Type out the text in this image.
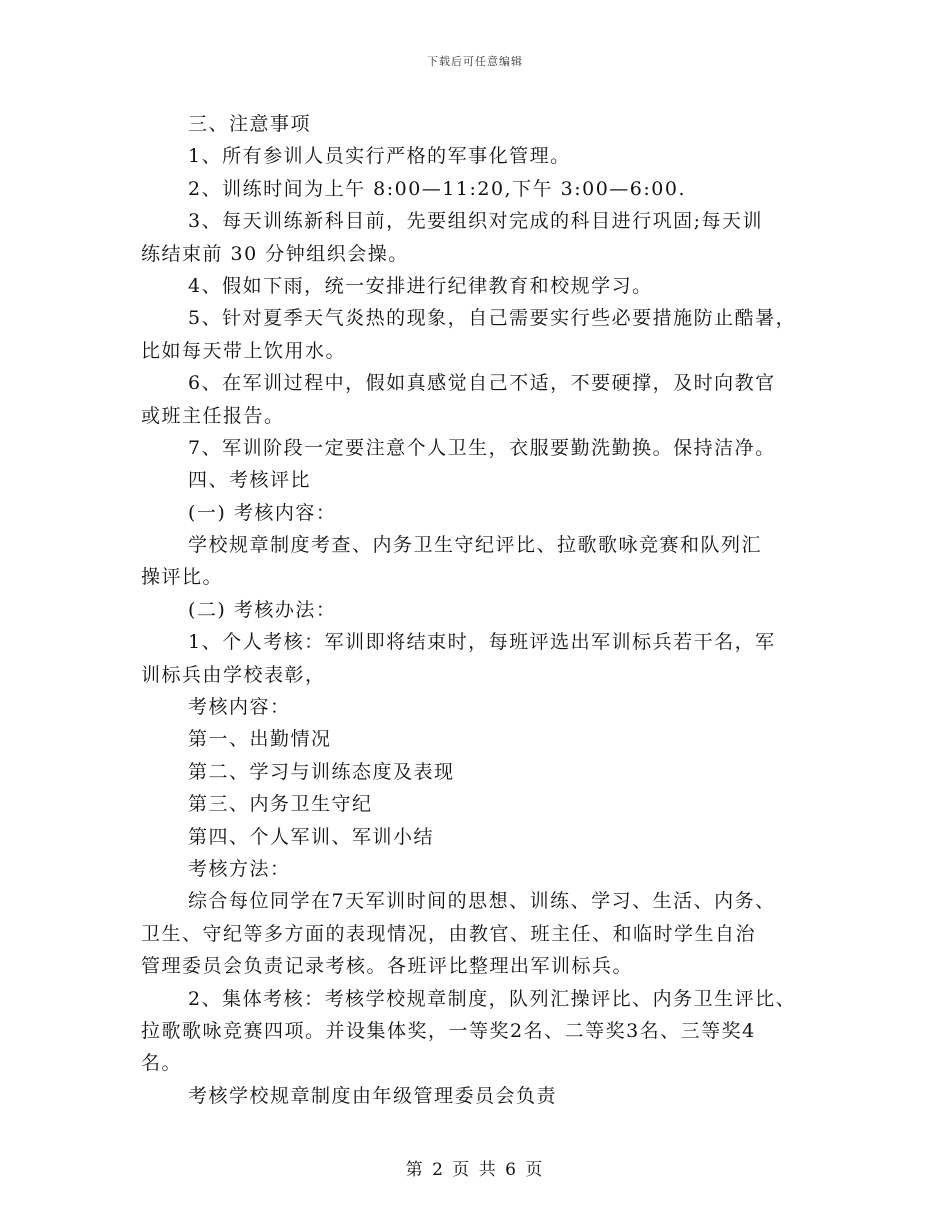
下载后可任意编辑
三、注意事项
1、所有参训人员实行严格的军事化管理。
2、训练时间为上午 8:00—11:20,下午 3:00—6:00.
3、每天训练新科目前，先要组织对完成的科目进行巩固;每天训
练结束前 30 分钟组织会操。
4、假如下雨，统一安排进行纪律教育和校规学习。
5、针对夏季天气炎热的现象，自己需要实行些必要措施防止酷暑，
比如每天带上饮用水。
6、在军训过程中，假如真感觉自己不适，不要硬撑，及时向教官
或班主任报告。
7、军训阶段一定要注意个人卫生，衣服要勤洗勤换。保持洁净。
四、考核评比
(一) 考核内容：
学校规章制度考查、内务卫生守纪评比、拉歌歌咏竞赛和队列汇
操评比。
(二) 考核办法：
1、个人考核：军训即将结束时，每班评选出军训标兵若干名，军
训标兵由学校表彰，
考核内容：
第一、出勤情况
第二、学习与训练态度及表现
第三、内务卫生守纪
第四、个人军训、军训小结
考核方法：
综合每位同学在7天军训时间的思想、训练、学习、生活、内务、
卫生、守纪等多方面的表现情况，由教官、班主任、和临时学生自治
管理委员会负责记录考核。各班评比整理出军训标兵。
2、集体考核：考核学校规章制度，队列汇操评比、内务卫生评比、
拉歌歌咏竞赛四项。并设集体奖，一等奖2名、二等奖3名、三等奖4
名。
考核学校规章制度由年级管理委员会负责
第 2 页 共 6 页
